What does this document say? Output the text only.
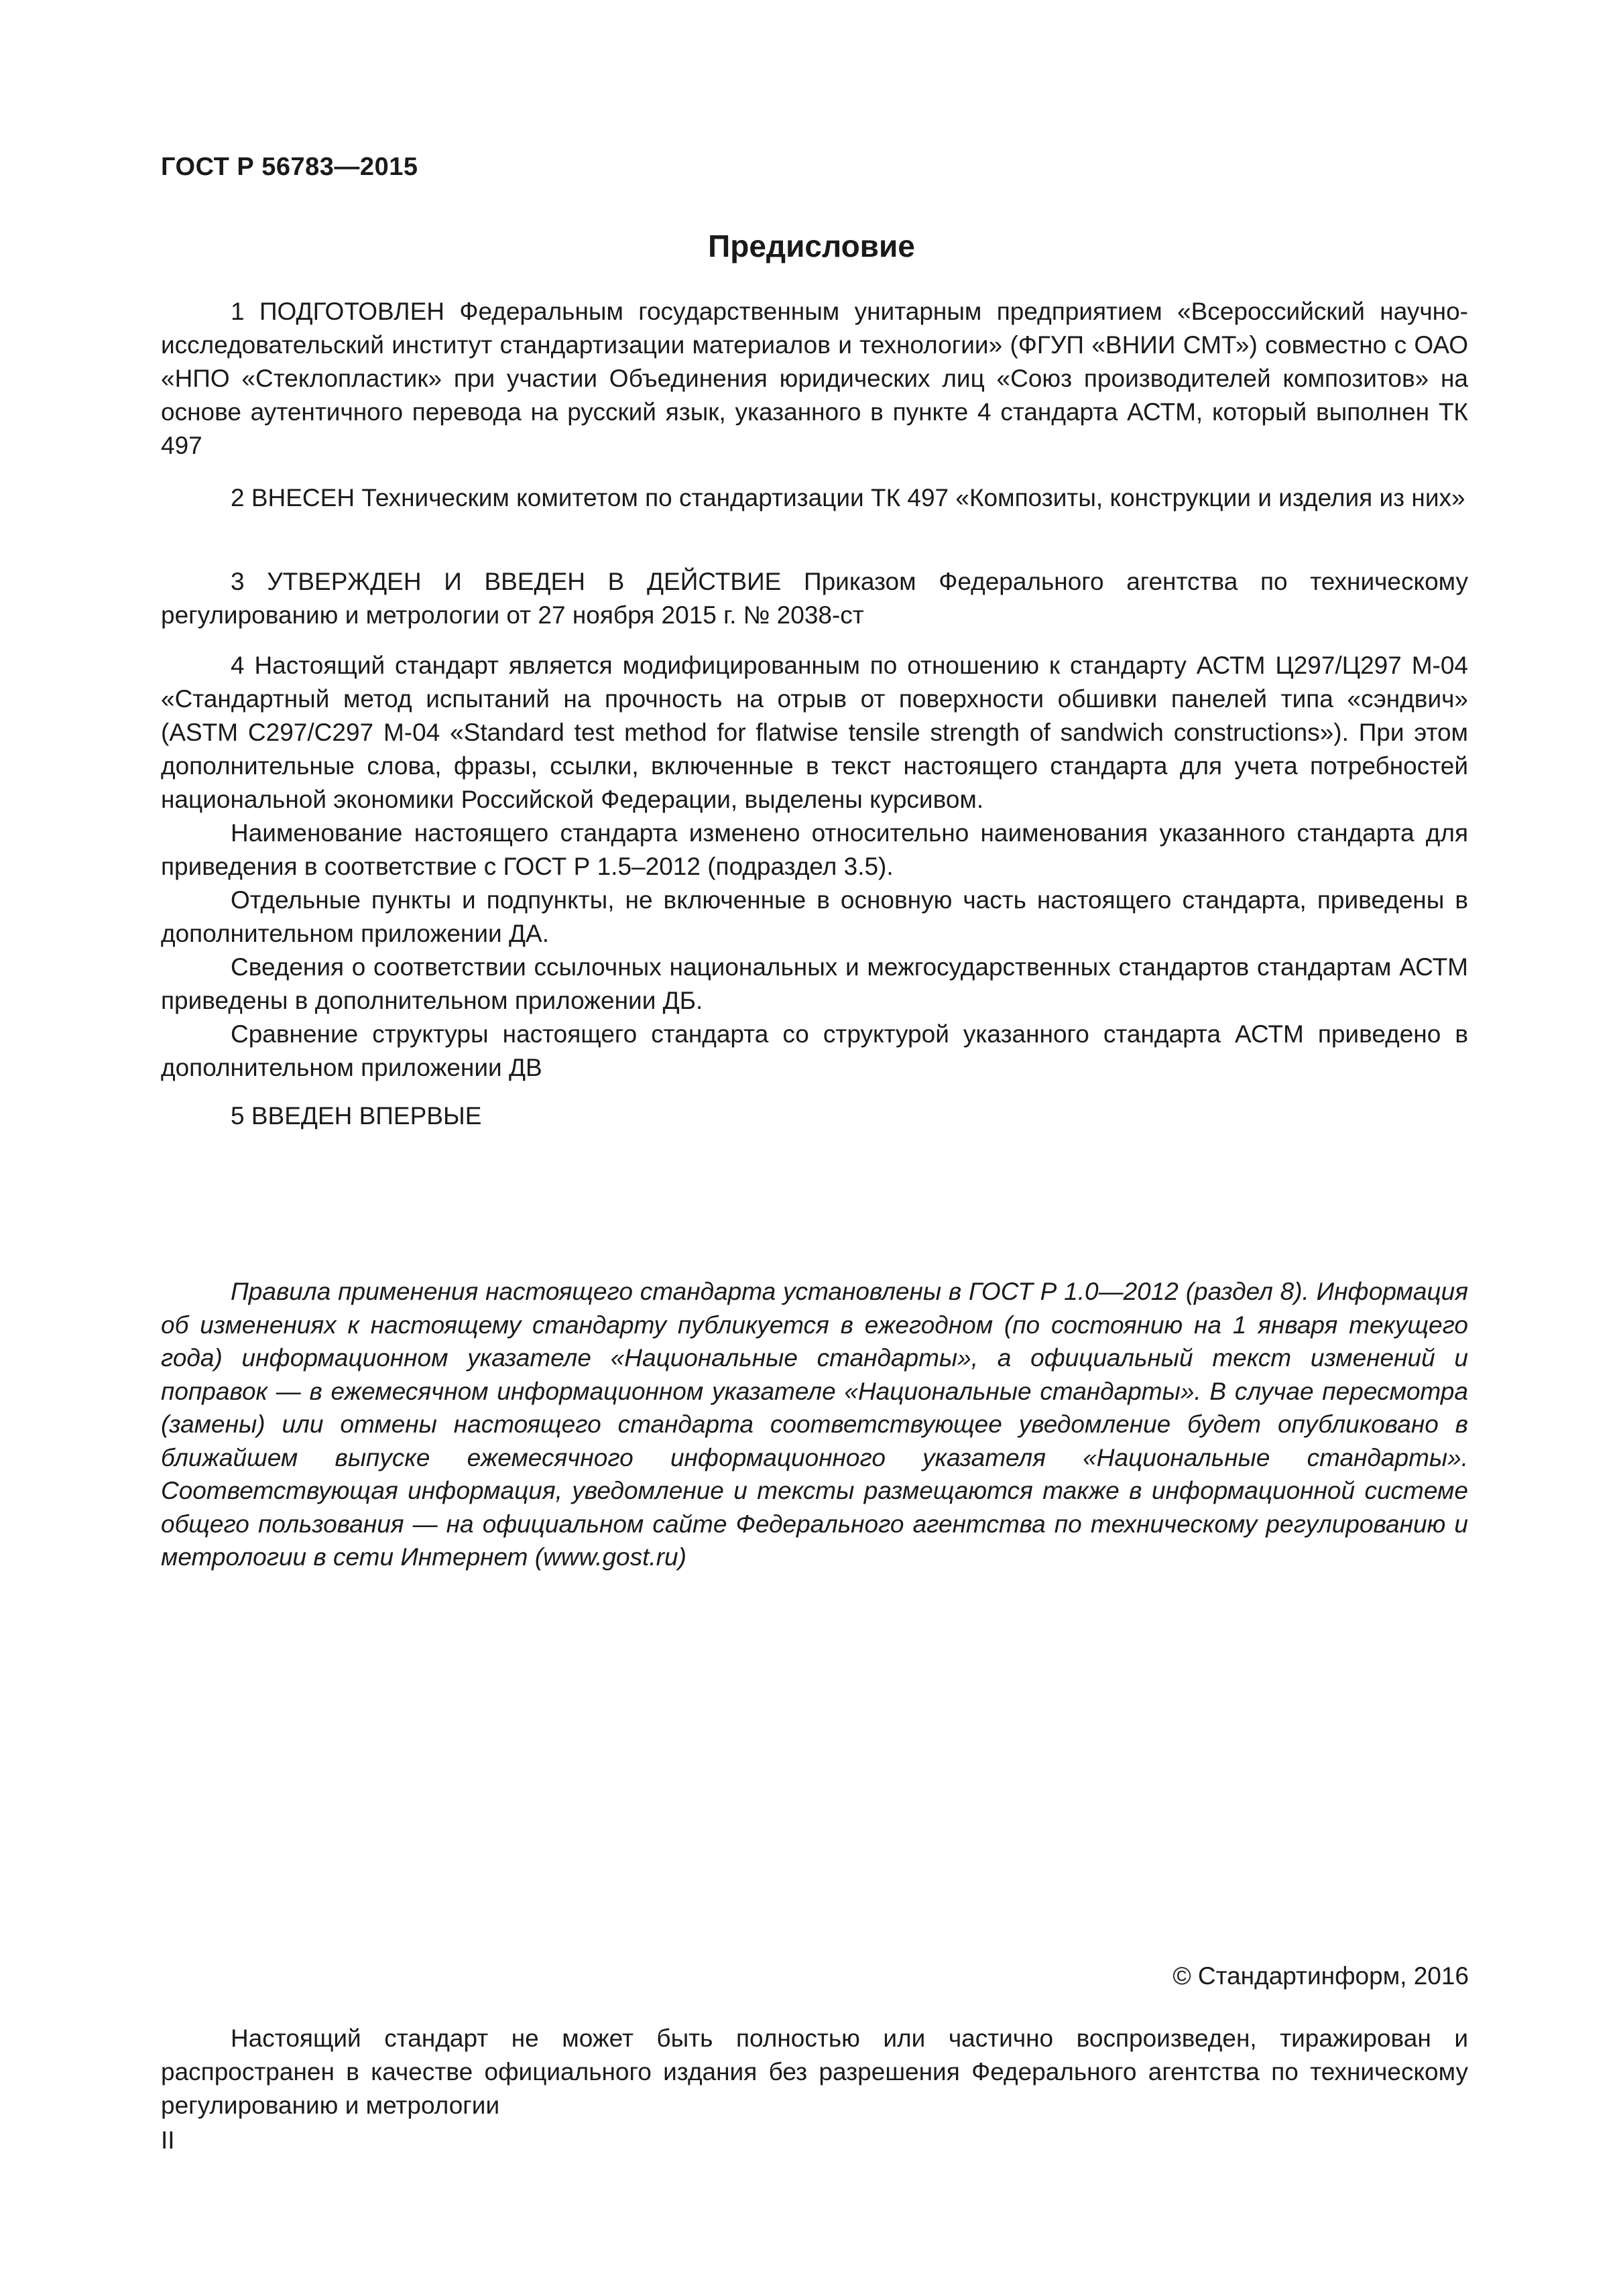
ГОСТ Р 56783—2015
Предисловие

1 ПОДГОТОВЛЕН Федеральным государственным унитарным предприятием «Всероссийский научно-исследовательский институт стандартизации материалов и технологии» (ФГУП «ВНИИ СМТ») совместно с ОАО «НПО «Стеклопластик» при участии Объединения юридических лиц «Союз производителей композитов» на основе аутентичного перевода на русский язык, указанного в пункте 4 стандарта АСТМ, который выполнен ТК 497

2 ВНЕСЕН Техническим комитетом по стандартизации ТК 497 «Композиты, конструкции и изделия из них»

3 УТВЕРЖДЕН И ВВЕДЕН В ДЕЙСТВИЕ Приказом Федерального агентства по техническому регулированию и метрологии от 27 ноября 2015 г. № 2038-ст

4 Настоящий стандарт является модифицированным по отношению к стандарту АСТМ Ц297/Ц297 М-04 «Стандартный метод испытаний на прочность на отрыв от поверхности обшивки панелей типа «сэндвич» (ASTM C297/C297 M-04 «Standard test method for flatwise tensile strength of sandwich constructions»). При этом дополнительные слова, фразы, ссылки, включенные в текст настоящего стандарта для учета потребностей национальной экономики Российской Федерации, выделены курсивом.

Наименование настоящего стандарта изменено относительно наименования указанного стандарта для приведения в соответствие с ГОСТ Р 1.5–2012 (подраздел 3.5).

Отдельные пункты и подпункты, не включенные в основную часть настоящего стандарта, приведены в дополнительном приложении ДА.

Сведения о соответствии ссылочных национальных и межгосударственных стандартов стандартам АСТМ приведены в дополнительном приложении ДБ.

Сравнение структуры настоящего стандарта со структурой указанного стандарта АСТМ приведено в дополнительном приложении ДВ

5 ВВЕДЕН ВПЕРВЫЕ

Правила применения настоящего стандарта установлены в ГОСТ Р 1.0—2012 (раздел 8). Информация об изменениях к настоящему стандарту публикуется в ежегодном (по состоянию на 1 января текущего года) информационном указателе «Национальные стандарты», а официальный текст изменений и поправок — в ежемесячном информационном указателе «Национальные стандарты». В случае пересмотра (замены) или отмены настоящего стандарта соответствующее уведомление будет опубликовано в ближайшем выпуске ежемесячного информационного указателя «Национальные стандарты». Соответствующая информация, уведомление и тексты размещаются также в информационной системе общего пользования — на официальном сайте Федерального агентства по техническому регулированию и метрологии в сети Интернет (www.gost.ru)

© Стандартинформ, 2016

Настоящий стандарт не может быть полностью или частично воспроизведен, тиражирован и распространен в качестве официального издания без разрешения Федерального агентства по техническому регулированию и метрологии

II
